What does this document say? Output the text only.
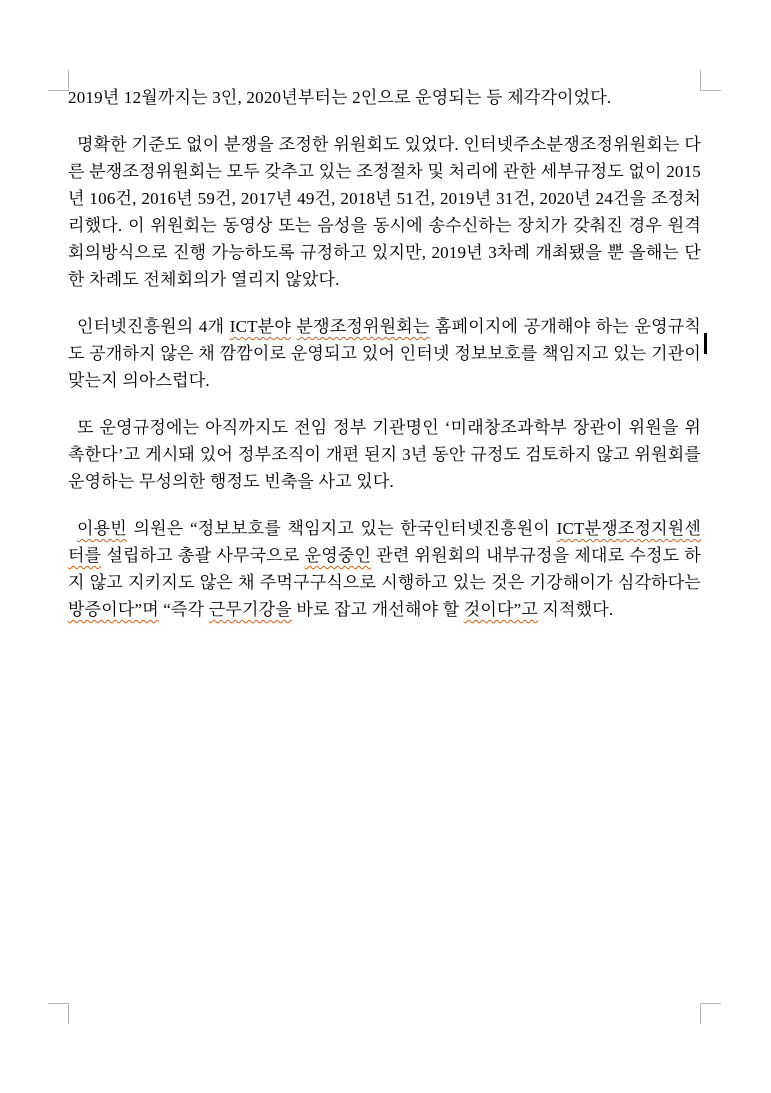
2019년 12월까지는 3인, 2020년부터는 2인으로 운영되는 등 제각각이었다.

명확한 기준도 없이 분쟁을 조정한 위원회도 있었다. 인터넷주소분쟁조정위원회는 다른 분쟁조정위원회는 모두 갖추고 있는 조정절차 및 처리에 관한 세부규정도 없이 2015년 106건, 2016년 59건, 2017년 49건, 2018년 51건, 2019년 31건, 2020년 24건을 조정처리했다. 이 위원회는 동영상 또는 음성을 동시에 송수신하는 장치가 갖춰진 경우 원격회의방식으로 진행 가능하도록 규정하고 있지만, 2019년 3차례 개최됐을 뿐 올해는 단 한 차례도 전체회의가 열리지 않았다.

인터넷진흥원의 4개 ICT분야 분쟁조정위원회는 홈페이지에 공개해야 하는 운영규칙도 공개하지 않은 채 깜깜이로 운영되고 있어 인터넷 정보보호를 책임지고 있는 기관이 맞는지 의아스럽다.

또 운영규정에는 아직까지도 전임 정부 기관명인 ‘미래창조과학부 장관이 위원을 위촉한다’고 게시돼 있어 정부조직이 개편 된지 3년 동안 규정도 검토하지 않고 위원회를 운영하는 무성의한 행정도 빈축을 사고 있다.

이용빈 의원은 “정보보호를 책임지고 있는 한국인터넷진흥원이 ICT분쟁조정지원센터를 설립하고 총괄 사무국으로 운영중인 관련 위원회의 내부규정을 제대로 수정도 하지 않고 지키지도 않은 채 주먹구구식으로 시행하고 있는 것은 기강해이가 심각하다는 방증이다”며 “즉각 근무기강을 바로 잡고 개선해야 할 것이다”고 지적했다.
